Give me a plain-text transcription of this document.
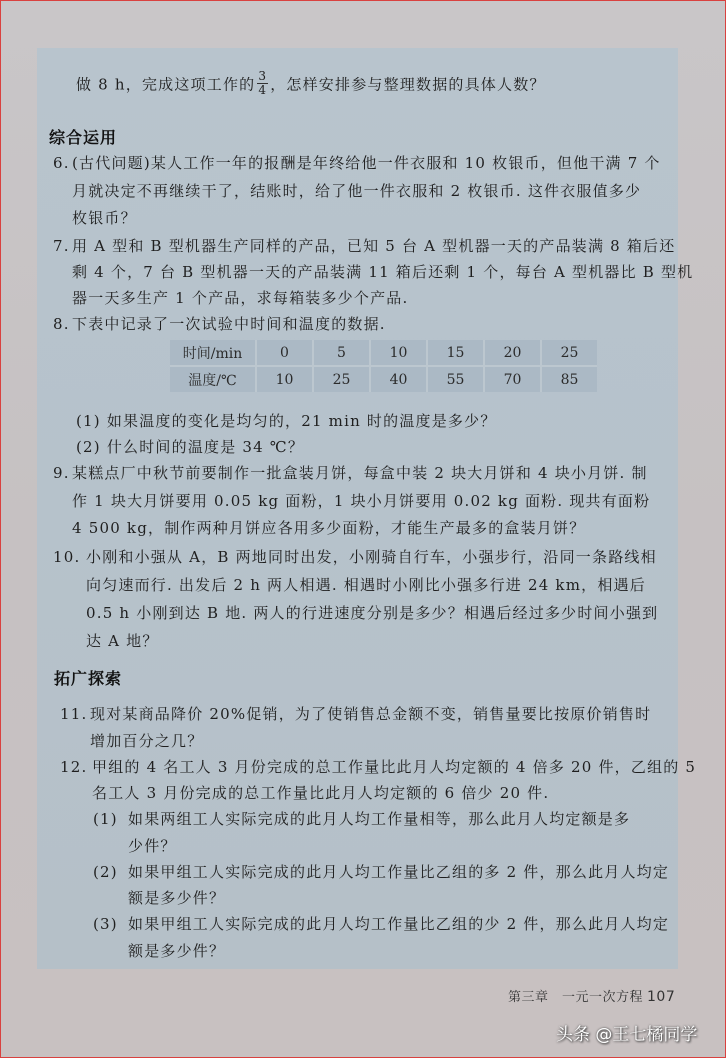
做 8 h，完成这项工作的 $\frac{3}{4}$ ，怎样安排参与整理数据的具体人数？
综合运用
6. (古代问题)某人工作一年的报酬是年终给他一件衣服和 10 枚银币，但他干满 7 个
月就决定不再继续干了，结账时，给了他一件衣服和 2 枚银币. 这件衣服值多少
枚银币？
7. 用 A 型和 B 型机器生产同样的产品，已知 5 台 A 型机器一天的产品装满 8 箱后还
剩 4 个，7 台 B 型机器一天的产品装满 11 箱后还剩 1 个，每台 A 型机器比 B 型机
器一天多生产 1 个产品，求每箱装多少个产品.
8. 下表中记录了一次试验中时间和温度的数据.
时间/min	0	5	10	15	20	25
温度/℃	10	25	40	55	70	85
(1) 如果温度的变化是均匀的，21 min 时的温度是多少？
(2) 什么时间的温度是 34 ℃？
9. 某糕点厂中秋节前要制作一批盒装月饼，每盒中装 2 块大月饼和 4 块小月饼. 制
作 1 块大月饼要用 0.05 kg 面粉，1 块小月饼要用 0.02 kg 面粉. 现共有面粉
4 500 kg，制作两种月饼应各用多少面粉，才能生产最多的盒装月饼？
10. 小刚和小强从 A，B 两地同时出发，小刚骑自行车，小强步行，沿同一条路线相
向匀速而行. 出发后 2 h 两人相遇. 相遇时小刚比小强多行进 24 km，相遇后
0.5 h 小刚到达 B 地. 两人的行进速度分别是多少？相遇后经过多少时间小强到
达 A 地？
拓广探索
11. 现对某商品降价 20%促销，为了使销售总金额不变，销售量要比按原价销售时
增加百分之几？
12. 甲组的 4 名工人 3 月份完成的总工作量比此月人均定额的 4 倍多 20 件，乙组的 5
名工人 3 月份完成的总工作量比此月人均定额的 6 倍少 20 件.
(1) 如果两组工人实际完成的此月人均工作量相等，那么此月人均定额是多
少件？
(2) 如果甲组工人实际完成的此月人均工作量比乙组的多 2 件，那么此月人均定
额是多少件？
(3) 如果甲组工人实际完成的此月人均工作量比乙组的少 2 件，那么此月人均定
额是多少件？
第三章　一元一次方程 107
头条 @王七橘同学
